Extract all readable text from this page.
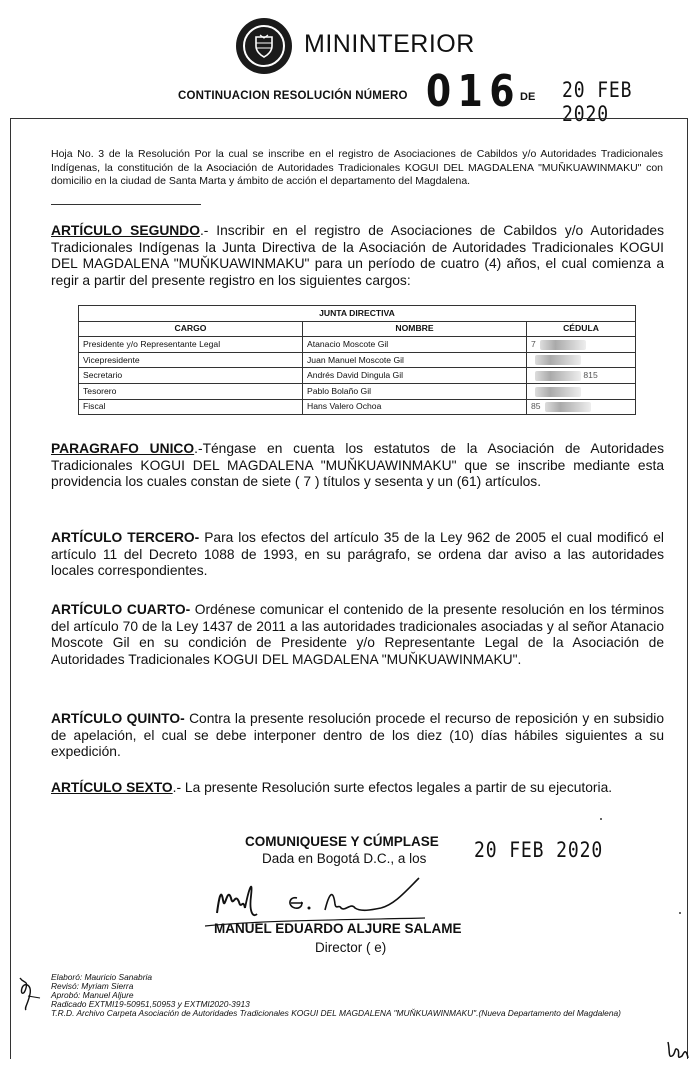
MININTERIOR
CONTINUACION RESOLUCIÓN NÚMERO 016
DE 20 FEB 2020
Hoja No. 3 de la Resolución Por la cual se inscribe en el registro de Asociaciones de Cabildos y/o Autoridades Tradicionales Indígenas, la constitución de la Asociación de Autoridades Tradicionales KOGUI DEL MAGDALENA "MUŇKUAWINMAKU" con domicilio en la ciudad de Santa Marta y ámbito de acción el departamento del Magdalena.
ARTÍCULO SEGUNDO.- Inscribir en el registro de Asociaciones de Cabildos y/o Autoridades Tradicionales Indígenas la Junta Directiva de la Asociación de Autoridades Tradicionales KOGUI DEL MAGDALENA "MUŇKUAWINMAKU" para un período de cuatro (4) años, el cual comienza a regir a partir del presente registro en los siguientes cargos:
JUNTA DIRECTIVA		
CARGO	NOMBRE	CÉDULA
Presidente y/o Representante Legal	Atanacio Moscote Gil	7
Vicepresidente	Juan Manuel Moscote Gil	
Secretario	Andrés David Dingula Gil	815
Tesorero	Pablo Bolaño Gil	
Fiscal	Hans Valero Ochoa	85
PARAGRAFO UNICO.-Téngase en cuenta los estatutos de la Asociación de Autoridades Tradicionales KOGUI DEL MAGDALENA "MUŇKUAWINMAKU" que se inscribe mediante esta providencia los cuales constan de siete ( 7 ) títulos y sesenta y un (61) artículos.
ARTÍCULO TERCERO- Para los efectos del artículo 35 de la Ley 962 de 2005 el cual modificó el artículo 11 del Decreto 1088 de 1993, en su parágrafo, se ordena dar aviso a las autoridades locales correspondientes.
ARTÍCULO CUARTO- Ordénese comunicar el contenido de la presente resolución en los términos del artículo 70 de la Ley 1437 de 2011 a las autoridades tradicionales asociadas y al señor Atanacio Moscote Gil en su condición de Presidente y/o Representante Legal de la Asociación de Autoridades Tradicionales KOGUI DEL MAGDALENA "MUŇKUAWINMAKU".
ARTÍCULO QUINTO- Contra la presente resolución procede el recurso de reposición y en subsidio de apelación, el cual se debe interponer dentro de los diez (10) días hábiles siguientes a su expedición.
ARTÍCULO SEXTO.- La presente Resolución surte efectos legales a partir de su ejecutoria.
COMUNIQUESE Y CÚMPLASE
Dada en Bogotá D.C., a los 20 FEB 2020
MANUEL EDUARDO ALJURE SALAME
Director ( e)
Elaboró: Mauricio Sanabria
Revisó: Myriam Sierra
Aprobó: Manuel Aljure
Radicado EXTMI19-50951,50953 y EXTMI2020-3913
T.R.D. Archivo Carpeta Asociación de Autoridades Tradicionales KOGUI DEL MAGDALENA "MUŇKUAWINMAKU".(Nueva Departamento del Magdalena)
